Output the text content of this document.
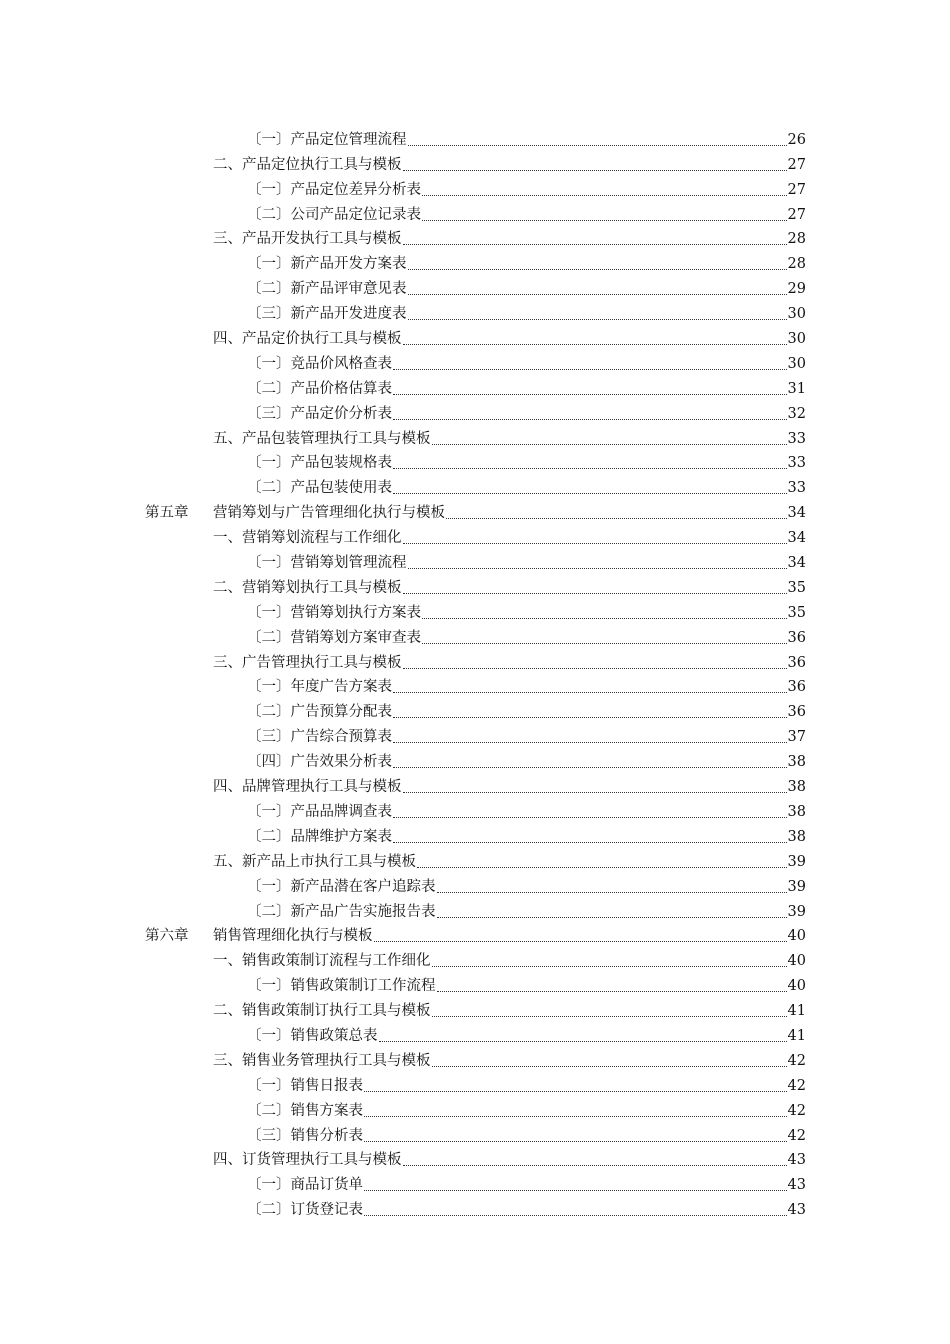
〔一〕产品定位管理流程	26
二、产品定位执行工具与模板	27
〔一〕产品定位差异分析表	27
〔二〕公司产品定位记录表	27
三、产品开发执行工具与模板	28
〔一〕新产品开发方案表	28
〔二〕新产品评审意见表	29
〔三〕新产品开发进度表	30
四、产品定价执行工具与模板	30
〔一〕竞品价风格查表	30
〔二〕产品价格估算表	31
〔三〕产品定价分析表	32
五、产品包装管理执行工具与模板	33
〔一〕产品包装规格表	33
〔二〕产品包装使用表	33
第五章	营销筹划与广告管理细化执行与模板	34
一、营销筹划流程与工作细化	34
〔一〕营销筹划管理流程	34
二、营销筹划执行工具与模板	35
〔一〕营销筹划执行方案表	35
〔二〕营销筹划方案审查表	36
三、广告管理执行工具与模板	36
〔一〕年度广告方案表	36
〔二〕广告预算分配表	36
〔三〕广告综合预算表	37
〔四〕广告效果分析表	38
四、品牌管理执行工具与模板	38
〔一〕产品品牌调查表	38
〔二〕品牌维护方案表	38
五、新产品上市执行工具与模板	39
〔一〕新产品潜在客户追踪表	39
〔二〕新产品广告实施报告表	39
第六章	销售管理细化执行与模板	40
一、销售政策制订流程与工作细化	40
〔一〕销售政策制订工作流程	40
二、销售政策制订执行工具与模板	41
〔一〕销售政策总表	41
三、销售业务管理执行工具与模板	42
〔一〕销售日报表	42
〔二〕销售方案表	42
〔三〕销售分析表	42
四、订货管理执行工具与模板	43
〔一〕商品订货单	43
〔二〕订货登记表	43
